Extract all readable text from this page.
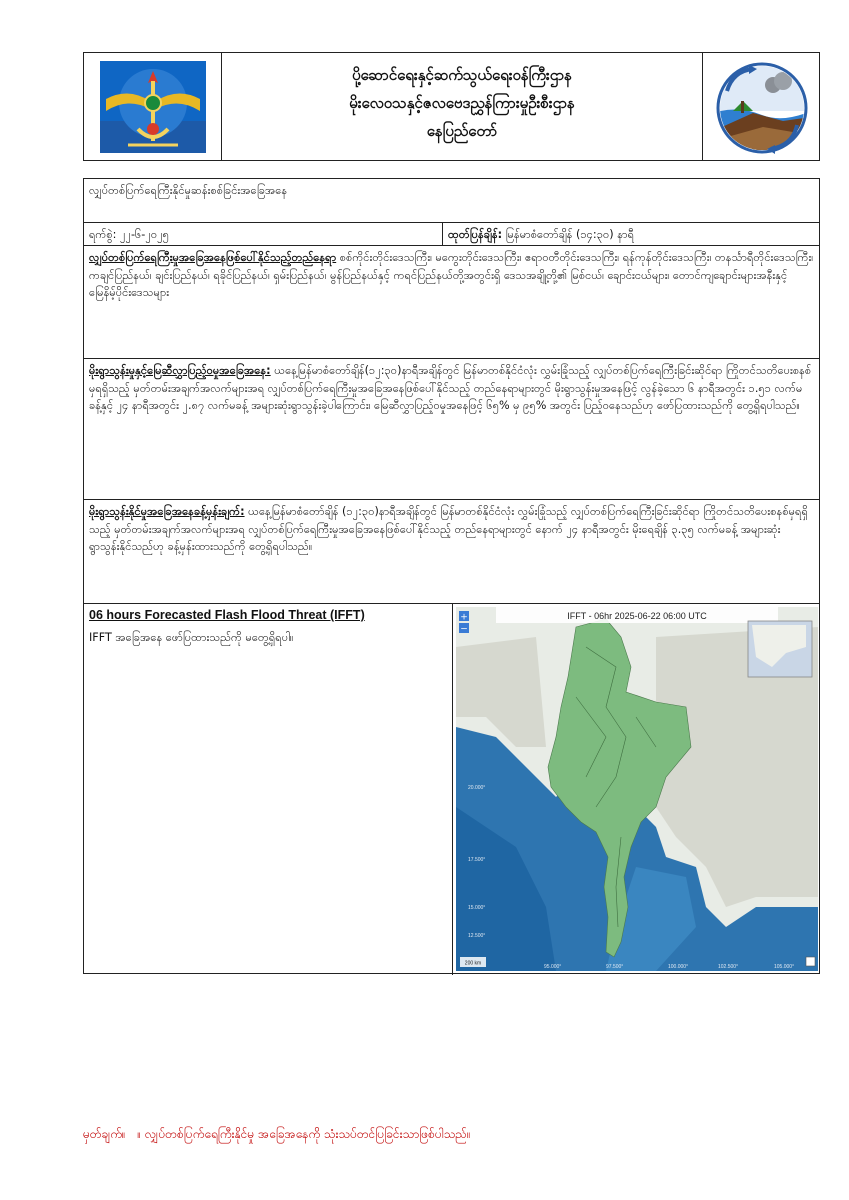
ပို့ဆောင်ရေးနှင့်ဆက်သွယ်ရေးဝန်ကြီးဌာန
မိုးလေဝသနှင့်ဇလဗေဒညွှန်ကြားမှုဦးစီးဌာန
နေပြည်တော်
လျှပ်တစ်ပြက်ရေကြီးနိုင်မှုဆန်းစစ်ခြင်းအခြေအနေ
ရက်စွဲ: ၂၂-၆-၂၀၂၅	ထုတ်ပြန်ချိန်: မြန်မာစံတော်ချိန် (၁၄:၃၀) နာရီ
လျှပ်တစ်ပြက်ရေကြီးမှုအခြေအနေဖြစ်ပေါ်နိုင်သည့်တည်နေရာ စစ်ကိုင်းတိုင်းဒေသကြီး၊ မကွေးတိုင်းဒေသကြီး၊ ဧရာဝတီတိုင်းဒေသကြီး၊ ရန်ကုန်တိုင်းဒေသကြီး၊ တနင်္သာရီတိုင်းဒေသကြီး၊ ကချင်ပြည်နယ်၊ ချင်းပြည်နယ်၊ ရခိုင်ပြည်နယ်၊ ရှမ်းပြည်နယ်၊ မွန်ပြည်နယ်နှင့် ကရင်ပြည်နယ်တို့အတွင်းရှိ ဒေသအချို့တို့၏ မြစ်ငယ်၊ ချောင်းငယ်များ၊ တောင်ကျချောင်းများအနီးနှင့် မြေနိမ့်ပိုင်းဒေသများ
မိုးရွာသွန်းမှုနှင့်မြေဆီလွှာပြည့်ဝမှုအခြေအနေ: ယနေ့မြန်မာစံတော်ချိန်(၁၂:၃၀)နာရီအချိန်တွင် မြန်မာတစ်နိုင်ငံလုံး လွှမ်းခြုံသည့် လျှပ်တစ်ပြက်ရေကြီးခြင်းဆိုင်ရာ ကြိုတင်သတိပေးစနစ်မှရရှိသည့် မှတ်တမ်းအချက်အလက်များအရ လျှပ်တစ်ပြက်ရေကြီးမှုအခြေအနေဖြစ်ပေါ်နိုင်သည့် တည်နေရာများတွင် မိုးရွာသွန်းမှုအနေဖြင့် လွန်ခဲ့သော ၆ နာရီအတွင်း ၁.၅၁ လက်မခန့်နှင့် ၂၄ နာရီအတွင်း ၂.၈၇ လက်မခန့် အများဆုံးရွာသွန်းခဲ့ပါကြောင်း၊ မြေဆီလွှာပြည့်ဝမှုအနေဖြင့် ၆၅% မှ ၉၅% အတွင်း ပြည့်ဝနေသည်ဟု ဖော်ပြထားသည်ကို တွေ့ရှိရပါသည်။
မိုးရွာသွန်းနိုင်မှုအခြေအနေခန့်မှန်းချက်: ယနေ့မြန်မာစံတော်ချိန် (၁၂:၃၀)နာရီအချိန်တွင် မြန်မာတစ်နိုင်ငံလုံး လွှမ်းခြုံသည့် လျှပ်တစ်ပြက်ရေကြီးခြင်းဆိုင်ရာ ကြိုတင်သတိပေးစနစ်မှရရှိသည့် မှတ်တမ်းအချက်အလက်များအရ လျှပ်တစ်ပြက်ရေကြီးမှုအခြေအနေဖြစ်ပေါ်နိုင်သည့် တည်နေရာများတွင် နောက် ၂၄ နာရီအတွင်း မိုးရေချိန် ၃.၃၅ လက်မခန့် အများဆုံး ရွာသွန်းနိုင်သည်ဟု ခန့်မှန်းထားသည်ကို တွေ့ရှိရပါသည်။
06 hours Forecasted Flash Flood Threat (IFFT)
IFFT အခြေအနေ ဖော်ပြထားသည်ကို မတွေ့ရှိရပါ။
IFFT - 06hr 2025-06-22 06:00 UTC
+
−
20.000°
17.500°
15.000°
12.500°
95.000°	97.500°	100.000°	102.500°	105.000°
200 km
မှတ်ချက်။ ။ လျှပ်တစ်ပြက်ရေကြီးနိုင်မှု အခြေအနေကို သုံးသပ်တင်ပြခြင်းသာဖြစ်ပါသည်။
